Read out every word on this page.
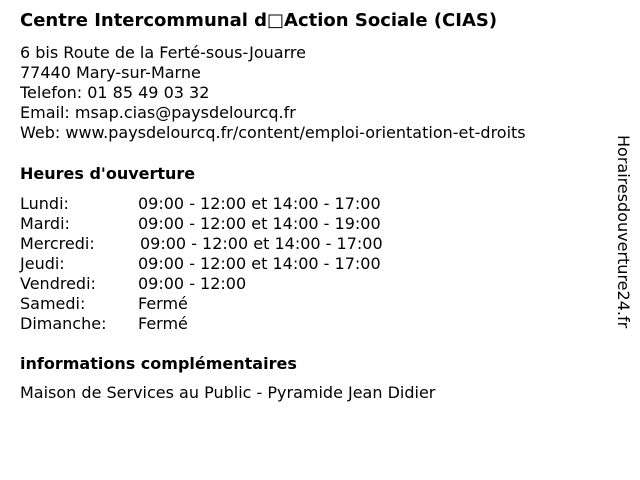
Centre Intercommunal d□Action Sociale (CIAS)
6 bis Route de la Ferté-sous-Jouarre
77440 Mary-sur-Marne
Telefon: 01 85 49 03 32
Email: msap.cias@paysdelourcq.fr
Web: www.paysdelourcq.fr/content/emploi-orientation-et-droits
Heures d'ouverture
Lundi:	09:00 - 12:00 et 14:00 - 17:00
Mardi:	09:00 - 12:00 et 14:00 - 19:00
Mercredi:	09:00 - 12:00 et 14:00 - 17:00
Jeudi:	09:00 - 12:00 et 14:00 - 17:00
Vendredi:	09:00 - 12:00
Samedi:	Fermé
Dimanche:	Fermé
informations complémentaires
Maison de Services au Public - Pyramide Jean Didier
Horairesdouverture24.fr
